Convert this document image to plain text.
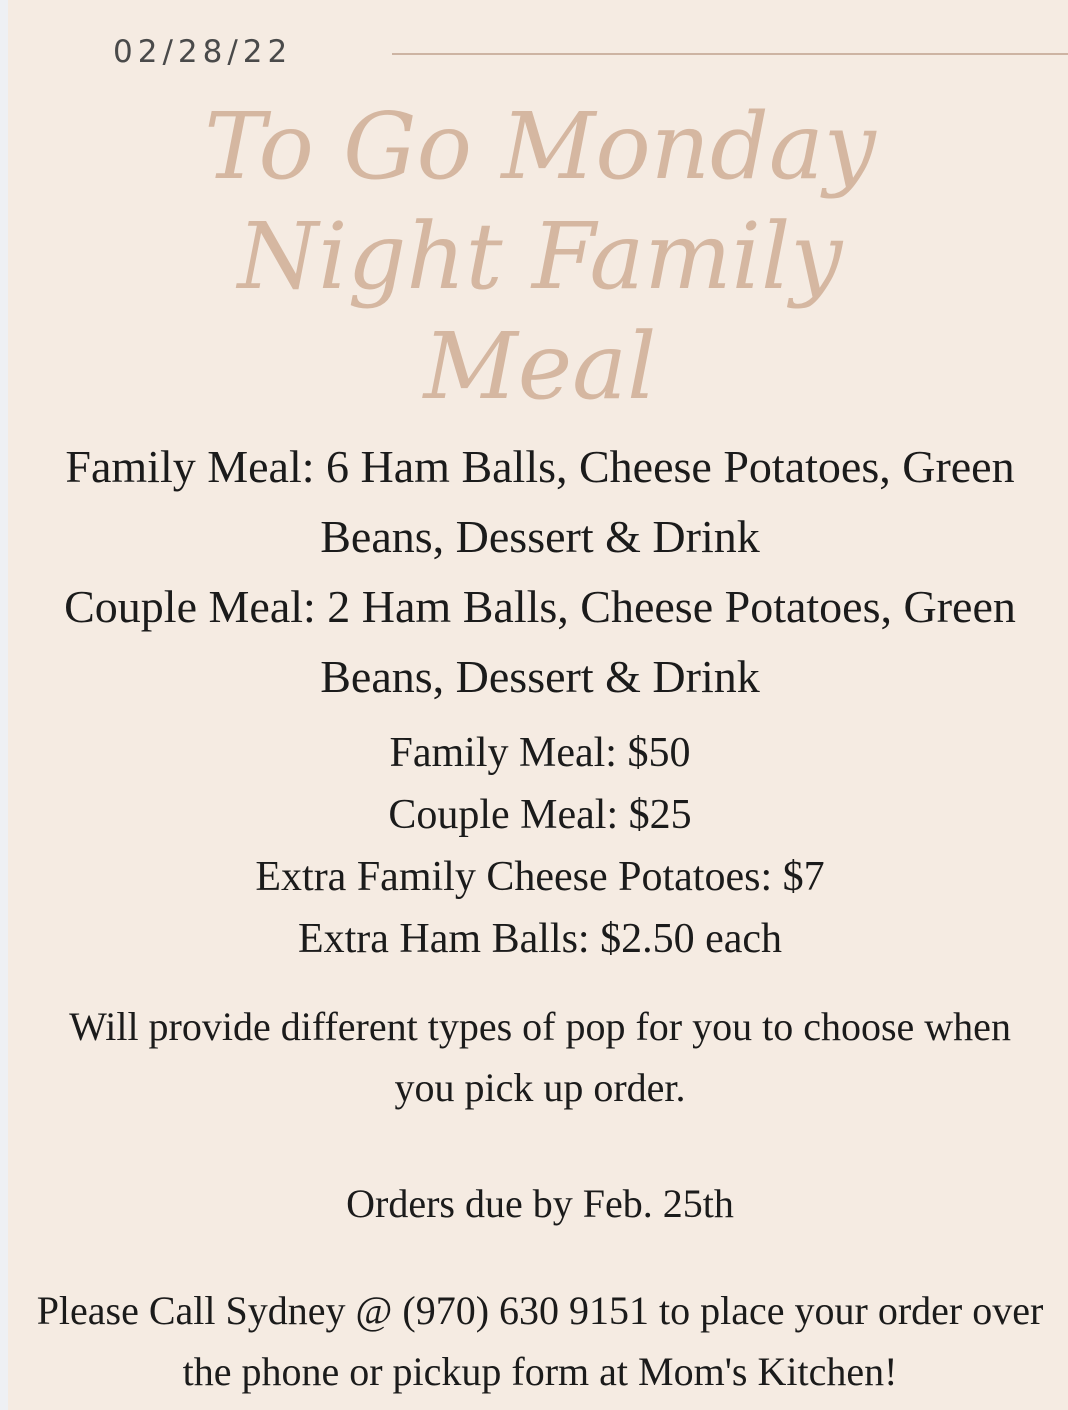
02/28/22
To Go Monday
Night Family
Meal
Family Meal: 6 Ham Balls, Cheese Potatoes, Green
Beans, Dessert & Drink
Couple Meal: 2 Ham Balls, Cheese Potatoes, Green
Beans, Dessert & Drink
Family Meal: $50
Couple Meal: $25
Extra Family Cheese Potatoes: $7
Extra Ham Balls: $2.50 each
Will provide different types of pop for you to choose when
you pick up order.
Orders due by Feb. 25th
Please Call Sydney @ (970) 630 9151 to place your order over
the phone or pickup form at Mom's Kitchen!
